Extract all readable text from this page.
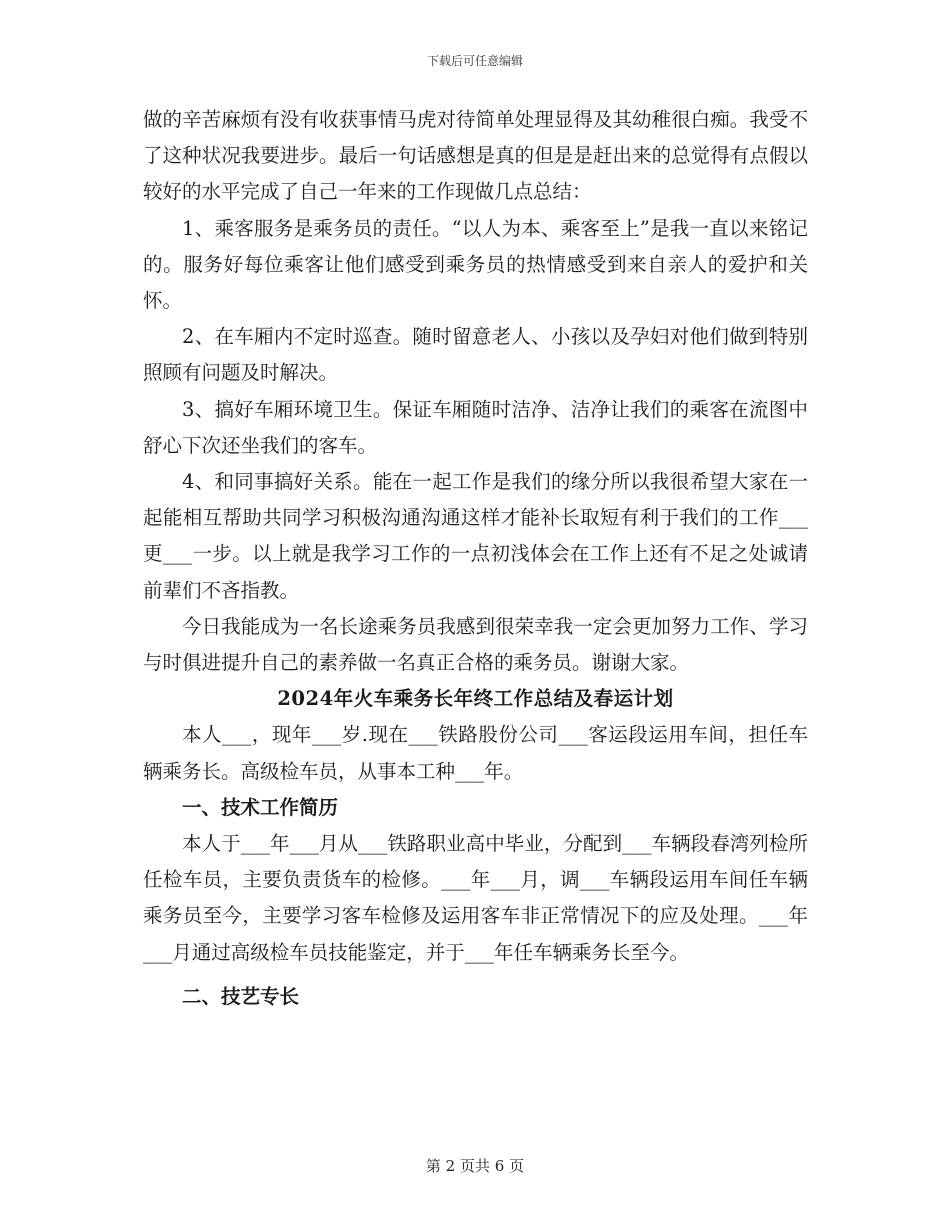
下载后可任意编辑

做的辛苦麻烦有没有收获事情马虎对待简单处理显得及其幼稚很白痴。我受不了这种状况我要进步。最后一句话感想是真的但是是赶出来的总觉得有点假以较好的水平完成了自己一年来的工作现做几点总结：

1、乘客服务是乘务员的责任。“以人为本、乘客至上”是我一直以来铭记的。服务好每位乘客让他们感受到乘务员的热情感受到来自亲人的爱护和关怀。

2、在车厢内不定时巡查。随时留意老人、小孩以及孕妇对他们做到特别照顾有问题及时解决。

3、搞好车厢环境卫生。保证车厢随时洁净、洁净让我们的乘客在流图中舒心下次还坐我们的客车。

4、和同事搞好关系。能在一起工作是我们的缘分所以我很希望大家在一起能相互帮助共同学习积极沟通沟通这样才能补长取短有利于我们的工作___更___一步。以上就是我学习工作的一点初浅体会在工作上还有不足之处诚请前辈们不吝指教。

今日我能成为一名长途乘务员我感到很荣幸我一定会更加努力工作、学习与时俱进提升自己的素养做一名真正合格的乘务员。谢谢大家。

2024年火车乘务长年终工作总结及春运计划

本人___，现年___岁.现在___铁路股份公司___客运段运用车间，担任车辆乘务长。高级检车员，从事本工种___年。

一、技术工作简历

本人于___年___月从___铁路职业高中毕业，分配到___车辆段春湾列检所任检车员，主要负责货车的检修。___年___月，调___车辆段运用车间任车辆乘务员至今，主要学习客车检修及运用客车非正常情况下的应及处理。___年___月通过高级检车员技能鉴定，并于___年任车辆乘务长至今。

二、技艺专长

第 2 页共 6 页
